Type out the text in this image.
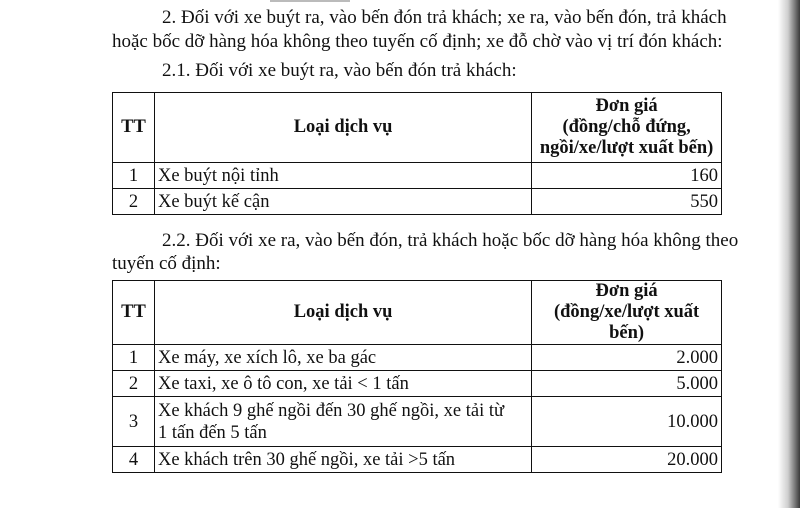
2. Đối với xe buýt ra, vào bến đón trả khách; xe ra, vào bến đón, trả khách
hoặc bốc dỡ hàng hóa không theo tuyến cố định; xe đỗ chờ vào vị trí đón khách:
2.1. Đối với xe buýt ra, vào bến đón trả khách:
TT	Loại dịch vụ	Đơn giá
(đồng/chỗ đứng,
ngồi/xe/lượt xuất bến)

1	Xe buýt nội tỉnh	160
2	Xe buýt kế cận	550
2.2. Đối với xe ra, vào bến đón, trả khách hoặc bốc dỡ hàng hóa không theo
tuyến cố định:
TT	Loại dịch vụ	Đơn giá
(đồng/xe/lượt xuất bến)

1	Xe máy, xe xích lô, xe ba gác	2.000
2	Xe taxi, xe ô tô con, xe tải < 1 tấn	5.000
3	Xe khách 9 ghế ngồi đến 30 ghế ngồi, xe tải từ
1 tấn đến 5 tấn	10.000
4	Xe khách trên 30 ghế ngồi, xe tải >5 tấn	20.000
